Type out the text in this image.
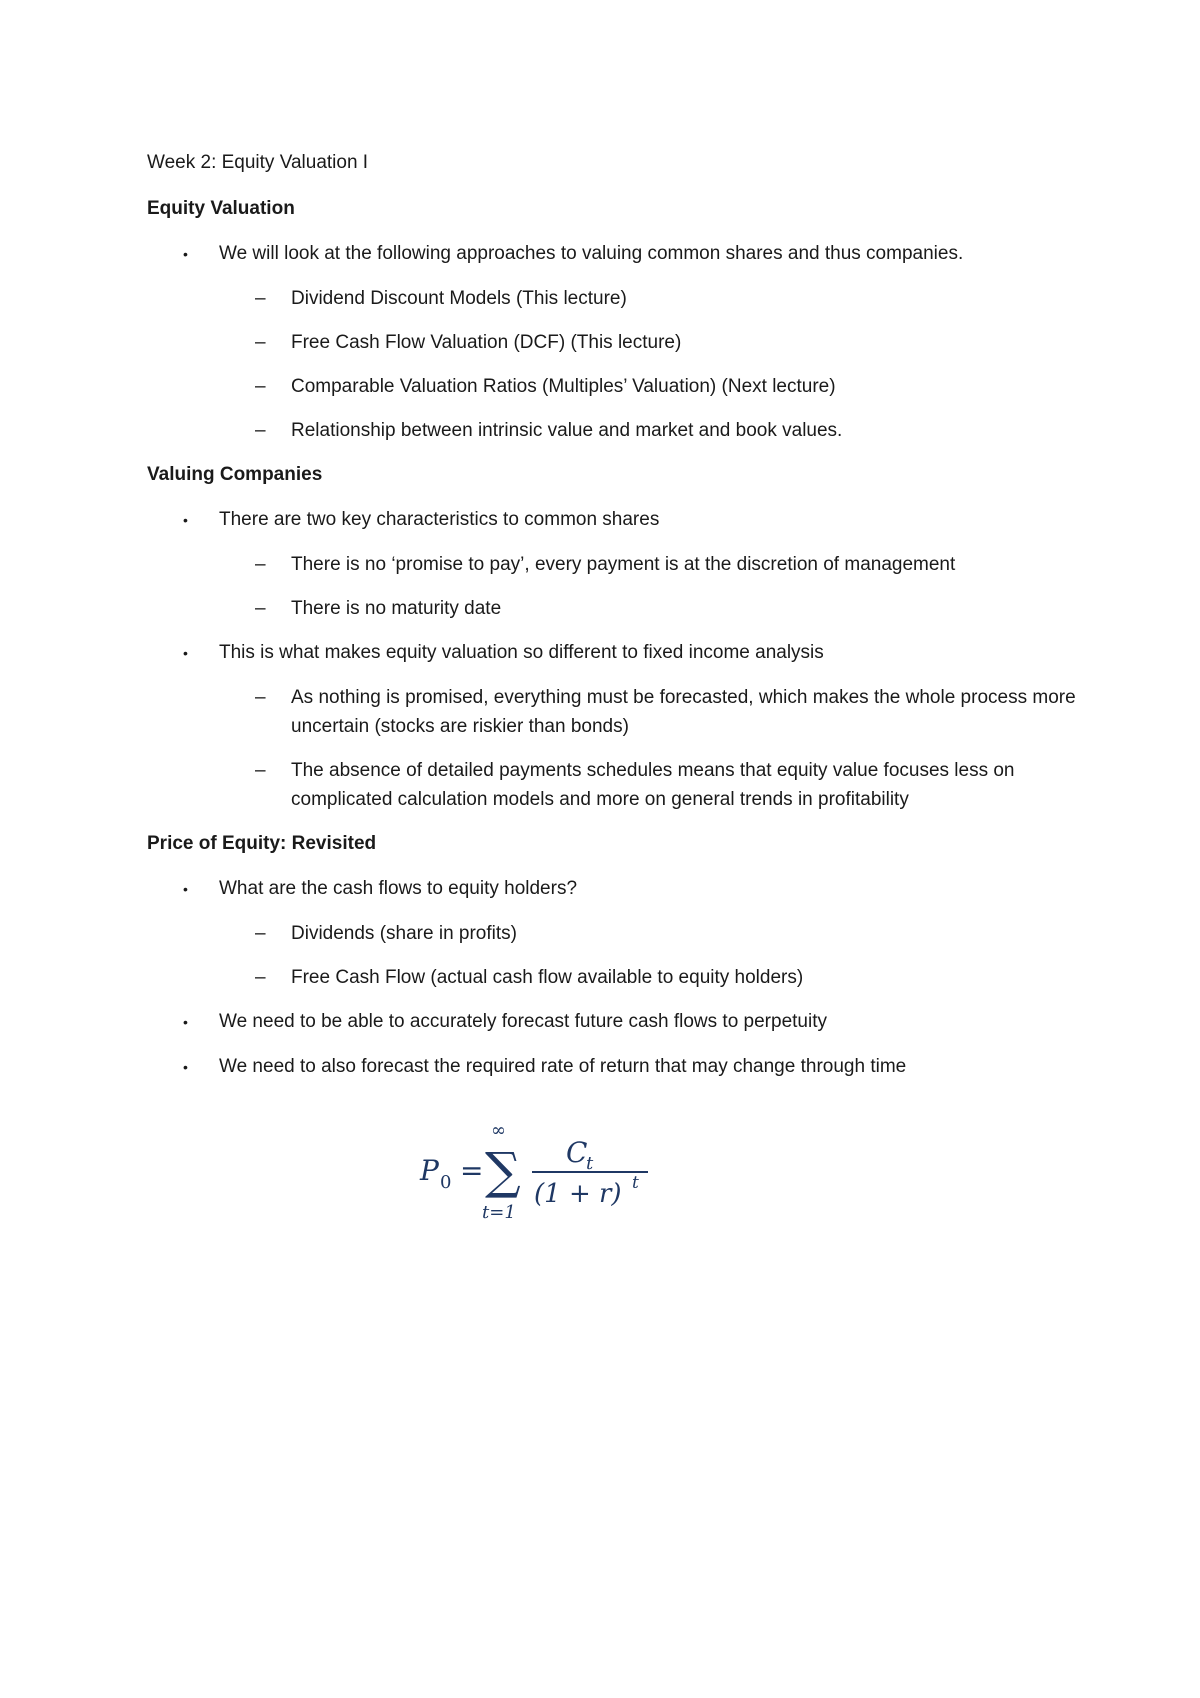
Week 2: Equity Valuation I

Equity Valuation

•	We will look at the following approaches to valuing common shares and thus companies.
–	Dividend Discount Models (This lecture)
–	Free Cash Flow Valuation (DCF) (This lecture)
–	Comparable Valuation Ratios (Multiples’ Valuation) (Next lecture)
–	Relationship between intrinsic value and market and book values.

Valuing Companies

•	There are two key characteristics to common shares
–	There is no ‘promise to pay’, every payment is at the discretion of management
–	There is no maturity date
•	This is what makes equity valuation so different to fixed income analysis
–	As nothing is promised, everything must be forecasted, which makes the whole process more uncertain (stocks are riskier than bonds)
–	The absence of detailed payments schedules means that equity value focuses less on complicated calculation models and more on general trends in profitability

Price of Equity: Revisited

•	What are the cash flows to equity holders?
–	Dividends (share in profits)
–	Free Cash Flow (actual cash flow available to equity holders)
•	We need to be able to accurately forecast future cash flows to perpetuity
•	We need to also forecast the required rate of return that may change through time
P 0 =
∞
∑
t=1
C
t
(1 + r) t
